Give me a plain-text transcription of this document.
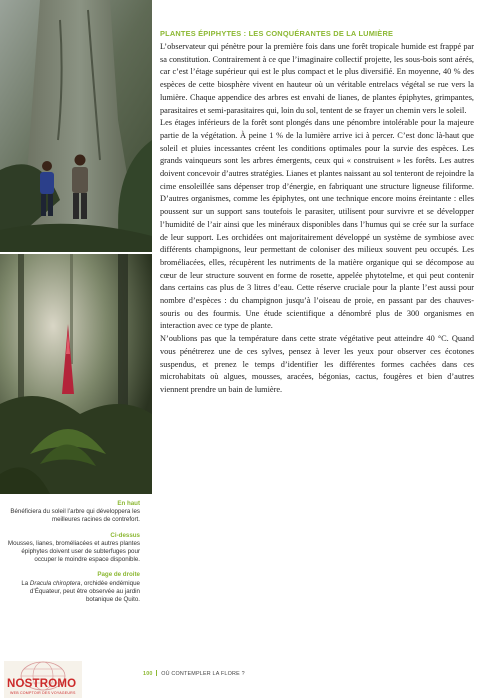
PLANTES ÉPIPHYTES : LES CONQUÉRANTES DE LA LUMIÈRE

L’observateur qui pénètre pour la première fois dans une forêt tropicale humide est frappé par sa constitution. Contrairement à ce que l’imaginaire collectif projette, les sous-bois sont aérés, car c’est l’étage supérieur qui est le plus compact et le plus diversifié. En moyenne, 40 % des espèces de cette biosphère vivent en hauteur où un véritable entrelacs végétal se rue vers la lumière. Chaque appendice des arbres est envahi de lianes, de plantes épiphytes, grimpantes, parasitaires et semi-parasitaires qui, loin du sol, tentent de se frayer un chemin vers le soleil.

Les étages inférieurs de la forêt sont plongés dans une pénombre intolérable pour la majeure partie de la végétation. À peine 1 % de la lumière arrive ici à percer. C’est donc là-haut que soleil et pluies incessantes créent les conditions optimales pour la survie des espèces. Les grands vainqueurs sont les arbres émergents, ceux qui « construisent » les forêts. Les autres doivent concevoir d’autres stratégies. Lianes et plantes naissant au sol tenteront de rejoindre la cime ensoleillée sans dépenser trop d’énergie, en fabriquant une structure ligneuse filiforme. D’autres organismes, comme les épiphytes, ont une technique encore moins éreintante : elles poussent sur un support sans toutefois le parasiter, utilisent pour survivre et se développer l’humidité de l’air ainsi que les minéraux disponibles dans l’humus qui se crée sur la surface de leur support. Les orchidées ont majoritairement développé un système de symbiose avec différents champignons, leur permettant de coloniser des milieux souvent peu occupés. Les broméliacées, elles, récupèrent les nutriments de la matière organique qui se décompose au cœur de leur structure souvent en forme de rosette, appelée phytotelme, et qui peut contenir dans certains cas plus de 3 litres d’eau. Cette réserve cruciale pour la plante l’est aussi pour nombre d’espèces : du champignon jusqu’à l’oiseau de proie, en passant par des chauves-souris ou des fourmis. Une étude scientifique a dénombré plus de 300 organismes en interaction avec ce type de plante.

N’oublions pas que la température dans cette strate végétative peut atteindre 40 °C. Quand vous pénétrerez une de ces sylves, pensez à lever les yeux pour observer ces écotones suspendus, et prenez le temps d’identifier les différentes formes cachées dans ces microhabitats où algues, mousses, aracées, bégonias, cactus, fougères et bien d’autres viennent prendre un bain de lumière.

En haut
Bénéficiera du soleil l’arbre qui développera les meilleures racines de contrefort.
Ci-dessus
Mousses, lianes, broméliacées et autres plantes épiphytes doivent user de subterfuges pour occuper le moindre espace disponible.
Page de droite
La Dracula chiroptera, orchidée endémique d’Équateur, peut être observée au jardin botanique de Quito.
NOSTROMO
WEB COMPTOIR DES VOYAGEURS
100 OÙ CONTEMPLER LA FLORE ?
